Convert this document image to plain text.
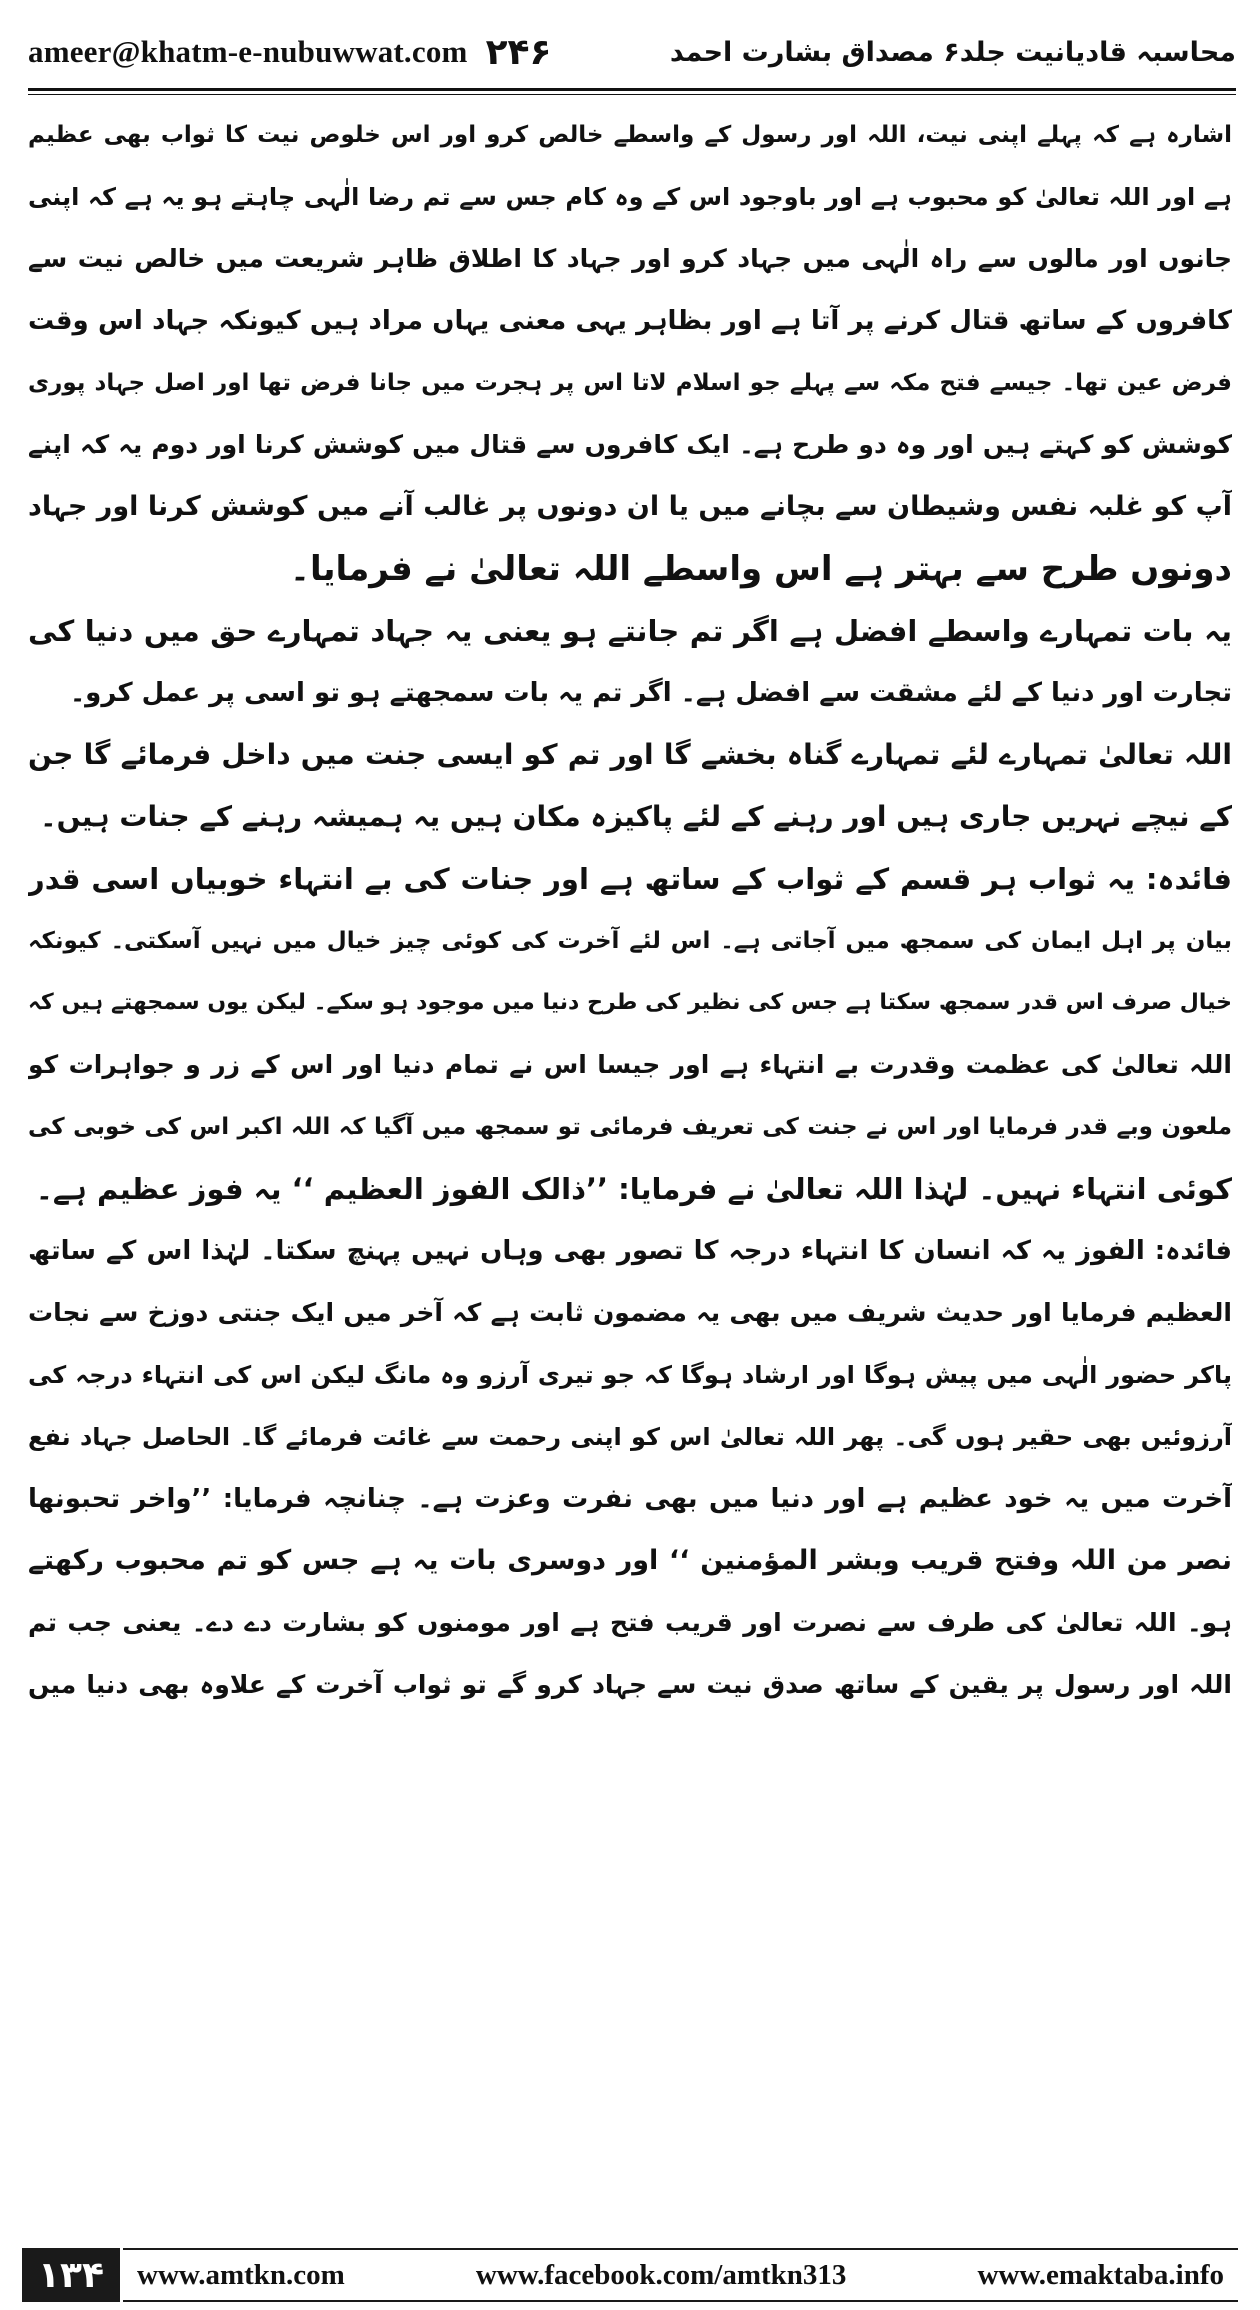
ameer@khatm-e-nubuwwat.com ۲۴۶	محاسبہ قادیانیت جلد۶ مصداق بشارت احمد
اشارہ ہے کہ پہلے اپنی نیت، اللہ اور رسول کے واسطے خالص کرو اور اس خلوص نیت کا ثواب بھی عظیم
ہے اور اللہ تعالیٰ کو محبوب ہے اور باوجود اس کے وہ کام جس سے تم رضا الٰہی چاہتے ہو یہ ہے کہ اپنی
جانوں اور مالوں سے راہ الٰہی میں جہاد کرو اور جہاد کا اطلاق ظاہر شریعت میں خالص نیت سے
کافروں کے ساتھ قتال کرنے پر آتا ہے اور بظاہر یہی معنی یہاں مراد ہیں کیونکہ جہاد اس وقت
فرض عین تھا۔ جیسے فتح مکہ سے پہلے جو اسلام لاتا اس پر ہجرت میں جانا فرض تھا اور اصل جہاد پوری
کوشش کو کہتے ہیں اور وہ دو طرح ہے۔ ایک کافروں سے قتال میں کوشش کرنا اور دوم یہ کہ اپنے
آپ کو غلبہ نفس وشیطان سے بچانے میں یا ان دونوں پر غالب آنے میں کوشش کرنا اور جہاد
دونوں طرح سے بہتر ہے اس واسطے اللہ تعالیٰ نے فرمایا۔
یہ بات تمہارے واسطے افضل ہے اگر تم جانتے ہو یعنی یہ جہاد تمہارے حق میں دنیا کی
تجارت اور دنیا کے لئے مشقت سے افضل ہے۔ اگر تم یہ بات سمجھتے ہو تو اسی پر عمل کرو۔
اللہ تعالیٰ تمہارے لئے تمہارے گناہ بخشے گا اور تم کو ایسی جنت میں داخل فرمائے گا جن
کے نیچے نہریں جاری ہیں اور رہنے کے لئے پاکیزہ مکان ہیں یہ ہمیشہ رہنے کے جنات ہیں۔
فائدہ: یہ ثواب ہر قسم کے ثواب کے ساتھ ہے اور جنات کی بے انتہاء خوبیاں اسی قدر
بیان پر اہل ایمان کی سمجھ میں آجاتی ہے۔ اس لئے آخرت کی کوئی چیز خیال میں نہیں آسکتی۔ کیونکہ
خیال صرف اس قدر سمجھ سکتا ہے جس کی نظیر کی طرح دنیا میں موجود ہو سکے۔ لیکن یوں سمجھتے ہیں کہ
اللہ تعالیٰ کی عظمت وقدرت بے انتہاء ہے اور جیسا اس نے تمام دنیا اور اس کے زر و جواہرات کو
ملعون وبے قدر فرمایا اور اس نے جنت کی تعریف فرمائی تو سمجھ میں آگیا کہ اللہ اکبر اس کی خوبی کی
کوئی انتہاء نہیں۔ لہٰذا اللہ تعالیٰ نے فرمایا: ’’ذالک الفوز العظیم ‘‘ یہ فوز عظیم ہے۔
فائدہ: الفوز یہ کہ انسان کا انتہاء درجہ کا تصور بھی وہاں نہیں پہنچ سکتا۔ لہٰذا اس کے ساتھ
العظیم فرمایا اور حدیث شریف میں بھی یہ مضمون ثابت ہے کہ آخر میں ایک جنتی دوزخ سے نجات
پاکر حضور الٰہی میں پیش ہوگا اور ارشاد ہوگا کہ جو تیری آرزو وہ مانگ لیکن اس کی انتہاء درجہ کی
آرزوئیں بھی حقیر ہوں گی۔ پھر اللہ تعالیٰ اس کو اپنی رحمت سے غائت فرمائے گا۔ الحاصل جہاد نفع
آخرت میں یہ خود عظیم ہے اور دنیا میں بھی نفرت وعزت ہے۔ چنانچہ فرمایا: ’’واخر تحبونها
نصر من اللہ وفتح قریب وبشر المؤمنین ‘‘ اور دوسری بات یہ ہے جس کو تم محبوب رکھتے
ہو۔ اللہ تعالیٰ کی طرف سے نصرت اور قریب فتح ہے اور مومنوں کو بشارت دے دے۔ یعنی جب تم
اللہ اور رسول پر یقین کے ساتھ صدق نیت سے جہاد کرو گے تو ثواب آخرت کے علاوہ بھی دنیا میں
۱۳۴	www.amtkn.com	www.facebook.com/amtkn313	www.emaktaba.info
